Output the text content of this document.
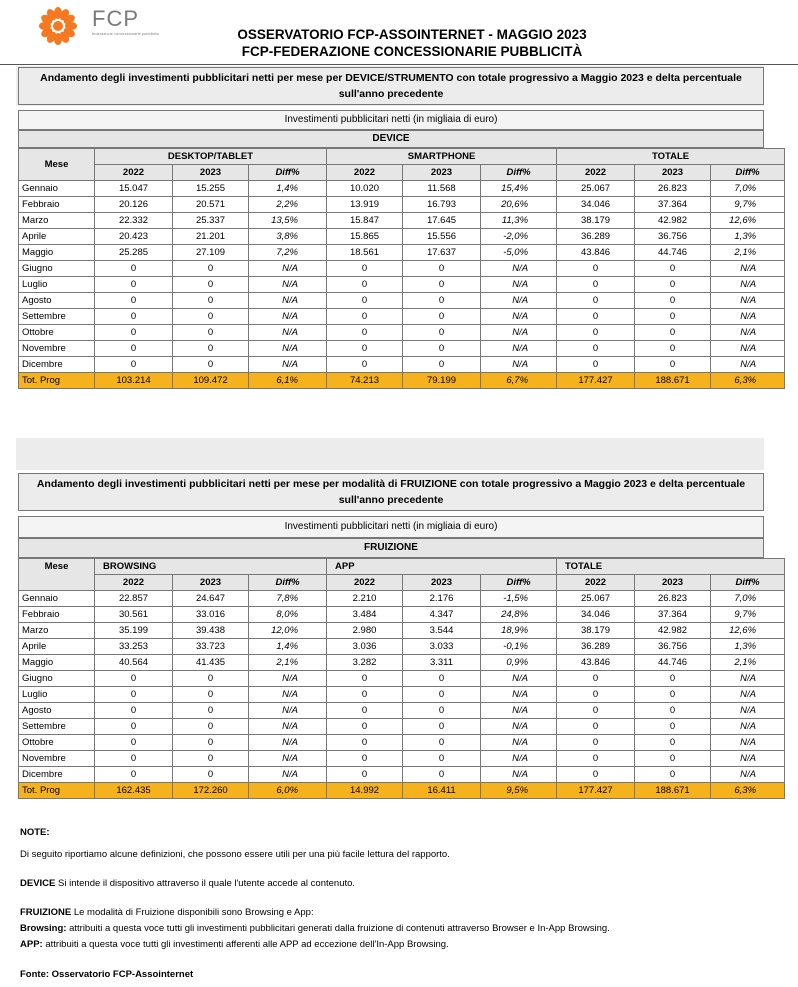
FCP
federazione concessionarie pubblicità	OSSERVATORIO FCP-ASSOINTERNET - MAGGIO 2023
FCP-FEDERAZIONE CONCESSIONARIE PUBBLICITÀ
Andamento degli investimenti pubblicitari netti per mese per DEVICE/STRUMENTO con totale progressivo a Maggio 2023 e delta percentuale sull'anno precedente
Investimenti pubblicitari netti (in migliaia di euro)
DEVICE
Mese	DESKTOP/TABLET			SMARTPHONE			TOTALE		
	2022	2023	Diff%	2022	2023	Diff%	2022	2023	Diff%
Gennaio	15.047	15.255	1,4%	10.020	11.568	15,4%	25.067	26.823	7,0%
Febbraio	20.126	20.571	2,2%	13.919	16.793	20,6%	34.046	37.364	9,7%
Marzo	22.332	25.337	13,5%	15.847	17.645	11,3%	38.179	42.982	12,6%
Aprile	20.423	21.201	3,8%	15.865	15.556	-2,0%	36.289	36.756	1,3%
Maggio	25.285	27.109	7,2%	18.561	17.637	-5,0%	43.846	44.746	2,1%
Giugno	0	0	N/A	0	0	N/A	0	0	N/A
Luglio	0	0	N/A	0	0	N/A	0	0	N/A
Agosto	0	0	N/A	0	0	N/A	0	0	N/A
Settembre	0	0	N/A	0	0	N/A	0	0	N/A
Ottobre	0	0	N/A	0	0	N/A	0	0	N/A
Novembre	0	0	N/A	0	0	N/A	0	0	N/A
Dicembre	0	0	N/A	0	0	N/A	0	0	N/A
Tot. Prog	103.214	109.472	6,1%	74.213	79.199	6,7%	177.427	188.671	6,3%
Andamento degli investimenti pubblicitari netti per mese per modalità di FRUIZIONE con totale progressivo a Maggio 2023 e delta percentuale sull'anno precedente
Investimenti pubblicitari netti (in migliaia di euro)
FRUIZIONE
Mese	BROWSING			APP			TOTALE		
	2022	2023	Diff%	2022	2023	Diff%	2022	2023	Diff%
Gennaio	22.857	24.647	7,8%	2.210	2.176	-1,5%	25.067	26.823	7,0%
Febbraio	30.561	33.016	8,0%	3.484	4.347	24,8%	34.046	37.364	9,7%
Marzo	35.199	39.438	12,0%	2.980	3.544	18,9%	38.179	42.982	12,6%
Aprile	33.253	33.723	1,4%	3.036	3.033	-0,1%	36.289	36.756	1,3%
Maggio	40.564	41.435	2,1%	3.282	3.311	0,9%	43.846	44.746	2,1%
Giugno	0	0	N/A	0	0	N/A	0	0	N/A
Luglio	0	0	N/A	0	0	N/A	0	0	N/A
Agosto	0	0	N/A	0	0	N/A	0	0	N/A
Settembre	0	0	N/A	0	0	N/A	0	0	N/A
Ottobre	0	0	N/A	0	0	N/A	0	0	N/A
Novembre	0	0	N/A	0	0	N/A	0	0	N/A
Dicembre	0	0	N/A	0	0	N/A	0	0	N/A
Tot. Prog	162.435	172.260	6,0%	14.992	16.411	9,5%	177.427	188.671	6,3%

NOTE:

Di seguito riportiamo alcune definizioni, che possono essere utili per una più facile lettura del rapporto.

DEVICE Si intende il dispositivo attraverso il quale l'utente accede al contenuto.

FRUIZIONE Le modalità di Fruizione disponibili sono Browsing e App:

Browsing: attribuiti a questa voce tutti gli investimenti pubblicitari generati dalla fruizione di contenuti attraverso Browser e In-App Browsing.

APP: attribuiti a questa voce tutti gli investimenti afferenti alle APP ad eccezione dell'In-App Browsing.

Fonte: Osservatorio FCP-Assointernet
